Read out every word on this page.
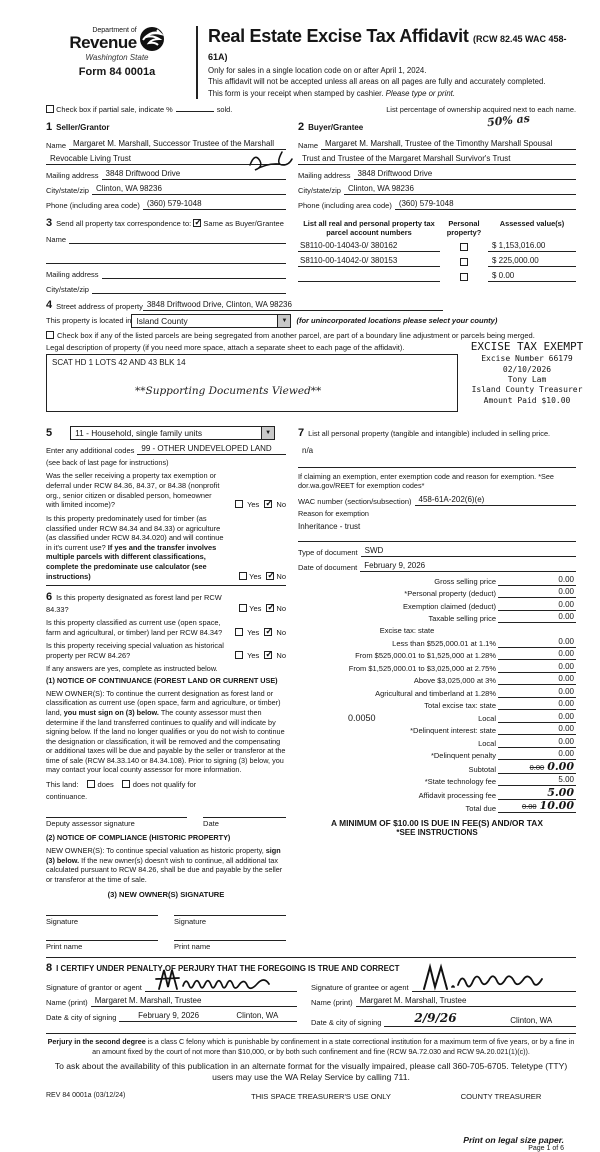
Department of
Revenue
Washington State
Form 84 0001a
Real Estate Excise Tax Affidavit (RCW 82.45 WAC 458-61A)
Only for sales in a single location code on or after April 1, 2024.
This affidavit will not be accepted unless all areas on all pages are fully and accurately completed.
This form is your receipt when stamped by cashier. Please type or print.
Check box if partial sale, indicate %	sold.	List percentage of ownership acquired next to each name.
1 Seller/Grantor
Name Margaret M. Marshall, Successor Trustee of the Marshall
Revocable Living Trust
Mailing address 3848 Driftwood Drive
City/state/zip Clinton, WA 98236
Phone (including area code) (360) 579-1048
2 Buyer/Grantee	50% as
Name Margaret M. Marshall, Trustee of the Timonthy Marshall Spousal
Trust and Trustee of the Margaret Marshall Survivor's Trust
Mailing address 3848 Driftwood Drive
City/state/zip Clinton, WA 98236
Phone (including area code) (360) 579-1048
3 Send all property tax correspondence to: ✓ Same as Buyer/Grantee
Name
Mailing address
City/state/zip
List all real and personal property tax parcel account numbers
Personal property?
Assessed value(s)
S8110-00-14043-0/ 380162	$ 1,153,016.00
S8110-00-14042-0/ 380153	$ 225,000.00
$ 0.00
4 Street address of property 3848 Driftwood Drive, Clinton, WA 98236
This property is located in Island County	▼	(for unincorporated locations please select your county)
Check box if any of the listed parcels are being segregated from another parcel, are part of a boundary line adjustment or parcels being merged.
Legal description of property (if you need more space, attach a separate sheet to each page of the affidavit).
SCAT HD 1 LOTS 42 AND 43 BLK 14
**Supporting Documents Viewed**
EXCISE TAX EXEMPT
Excise Number 66179
02/10/2026
Tony Lam
Island County Treasurer
Amount Paid $10.00
5	11 - Household, single family units	▼
Enter any additional codes 99 - OTHER UNDEVELOPED LAND
(see back of last page for instructions)
Was the seller receiving a property tax exemption or deferral under RCW 84.36, 84.37, or 84.38 (nonprofit org., senior citizen or disabled person, homeowner with limited income)?	Yes ✓ No
Is this property predominately used for timber (as classified under RCW 84.34 and 84.33) or agriculture (as classified under RCW 84.34.020) and will continue in it's current use? If yes and the transfer involves multiple parcels with different classifications, complete the predominate use calculator (see instructions)	Yes ✓ No
6 Is this property designated as forest land per RCW 84.33?	Yes ✓ No
Is this property classified as current use (open space, farm and agricultural, or timber) land per RCW 84.34?	Yes ✓ No
Is this property receiving special valuation as historical property per RCW 84.26?	Yes ✓ No
If any answers are yes, complete as instructed below.
(1) NOTICE OF CONTINUANCE (FOREST LAND OR CURRENT USE)
NEW OWNER(S): To continue the current designation as forest land or classification as current use (open space, farm and agriculture, or timber) land, you must sign on (3) below. The county assessor must then determine if the land transferred continues to qualify and will indicate by signing below. If the land no longer qualifies or you do not wish to continue the designation or classification, it will be removed and the compensating or additional taxes will be due and payable by the seller or transferor at the time of sale (RCW 84.33.140 or 84.34.108). Prior to signing (3) below, you may contact your local county assessor for more information.
This land:	does	does not qualify for
continuance.
Deputy assessor signature	Date
(2) NOTICE OF COMPLIANCE (HISTORIC PROPERTY)
NEW OWNER(S): To continue special valuation as historic property, sign (3) below. If the new owner(s) doesn't wish to continue, all additional tax calculated pursuant to RCW 84.26, shall be due and payable by the seller or transferor at the time of sale.
(3) NEW OWNER(S) SIGNATURE
Signature	Signature
Print name	Print name
7 List all personal property (tangible and intangible) included in selling price.
n/a
If claiming an exemption, enter exemption code and reason for exemption. *See dor.wa.gov/REET for exemption codes*
WAC number (section/subsection) 458-61A-202(6)(e)
Reason for exemption
Inheritance - trust
Type of document SWD
Date of document February 9, 2026
Gross selling price	0.00
*Personal property (deduct)	0.00
Exemption claimed (deduct)	0.00
Taxable selling price	0.00
Excise tax: state
Less than $525,000.01 at 1.1%	0.00
From $525,000.01 to $1,525,000 at 1.28%	0.00
From $1,525,000.01 to $3,025,000 at 2.75%	0.00
Above $3,025,000 at 3%	0.00
Agricultural and timberland at 1.28%	0.00
Total excise tax: state	0.00
0.0050	Local	0.00
*Delinquent interest: state	0.00
Local	0.00
*Delinquent penalty	0.00
Subtotal	0.00 0.00
*State technology fee	5.00
Affidavit processing fee	5.00
Total due	0.00 10.00
A MINIMUM OF $10.00 IS DUE IN FEE(S) AND/OR TAX
*SEE INSTRUCTIONS
8 I CERTIFY UNDER PENALTY OF PERJURY THAT THE FOREGOING IS TRUE AND CORRECT
Signature of grantor or agent
Name (print) Margaret M. Marshall, Trustee
Date & city of signing	February 9, 2026	Clinton, WA
Signature of grantee or agent
Name (print) Margaret M. Marshall, Trustee
Date & city of signing	2/9/26	Clinton, WA
Perjury in the second degree is a class C felony which is punishable by confinement in a state correctional institution for a maximum term of five years, or by a fine in an amount fixed by the court of not more than $10,000, or by both such confinement and fine (RCW 9A.72.030 and RCW 9A.20.021(1)(c)).
To ask about the availability of this publication in an alternate format for the visually impaired, please call 360-705-6705. Teletype (TTY) users may use the WA Relay Service by calling 711.
REV 84 0001a (03/12/24)	THIS SPACE TREASURER'S USE ONLY	COUNTY TREASURER
Print on legal size paper.
Page 1 of 6
